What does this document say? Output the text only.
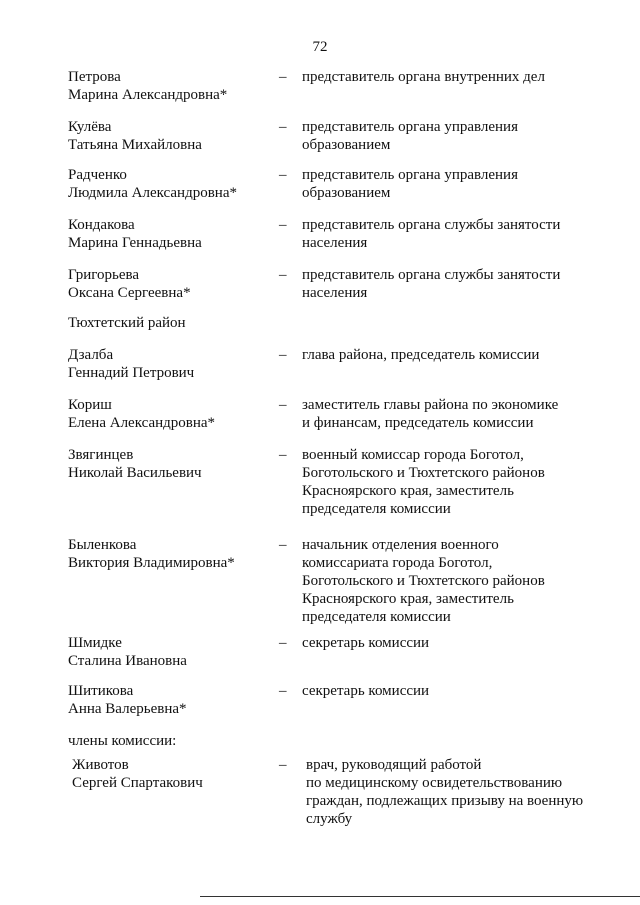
72
Петрова
Марина Александровна*
–	представитель органа внутренних дел
Кулёва
Татьяна Михайловна
–	представитель органа управления
образованием
Радченко
Людмила Александровна*
–	представитель органа управления
образованием
Кондакова
Марина Геннадьевна
–	представитель органа службы занятости
населения
Григорьева
Оксана Сергеевна*
–	представитель органа службы занятости
населения
Дзалба
Геннадий Петрович
–	глава района, председатель комиссии
Кориш
Елена Александровна*
–	заместитель главы района по экономике
и финансам, председатель комиссии
Звягинцев
Николай Васильевич
–	военный комиссар города Боготол,
Боготольского и Тюхтетского районов
Красноярского края, заместитель
председателя комиссии
Быленкова
Виктория Владимировна*
–	начальник отделения военного
комиссариата города Боготол,
Боготольского и Тюхтетского районов
Красноярского края, заместитель
председателя комиссии
Шмидке
Сталина Ивановна
–	секретарь комиссии
Шитикова
Анна Валерьевна*
–	секретарь комиссии
Животов
Сергей Спартакович
–	врач, руководящий работой
по медицинскому освидетельствованию
граждан, подлежащих призыву на военную
службу
Тюхтетский район
члены комиссии:
